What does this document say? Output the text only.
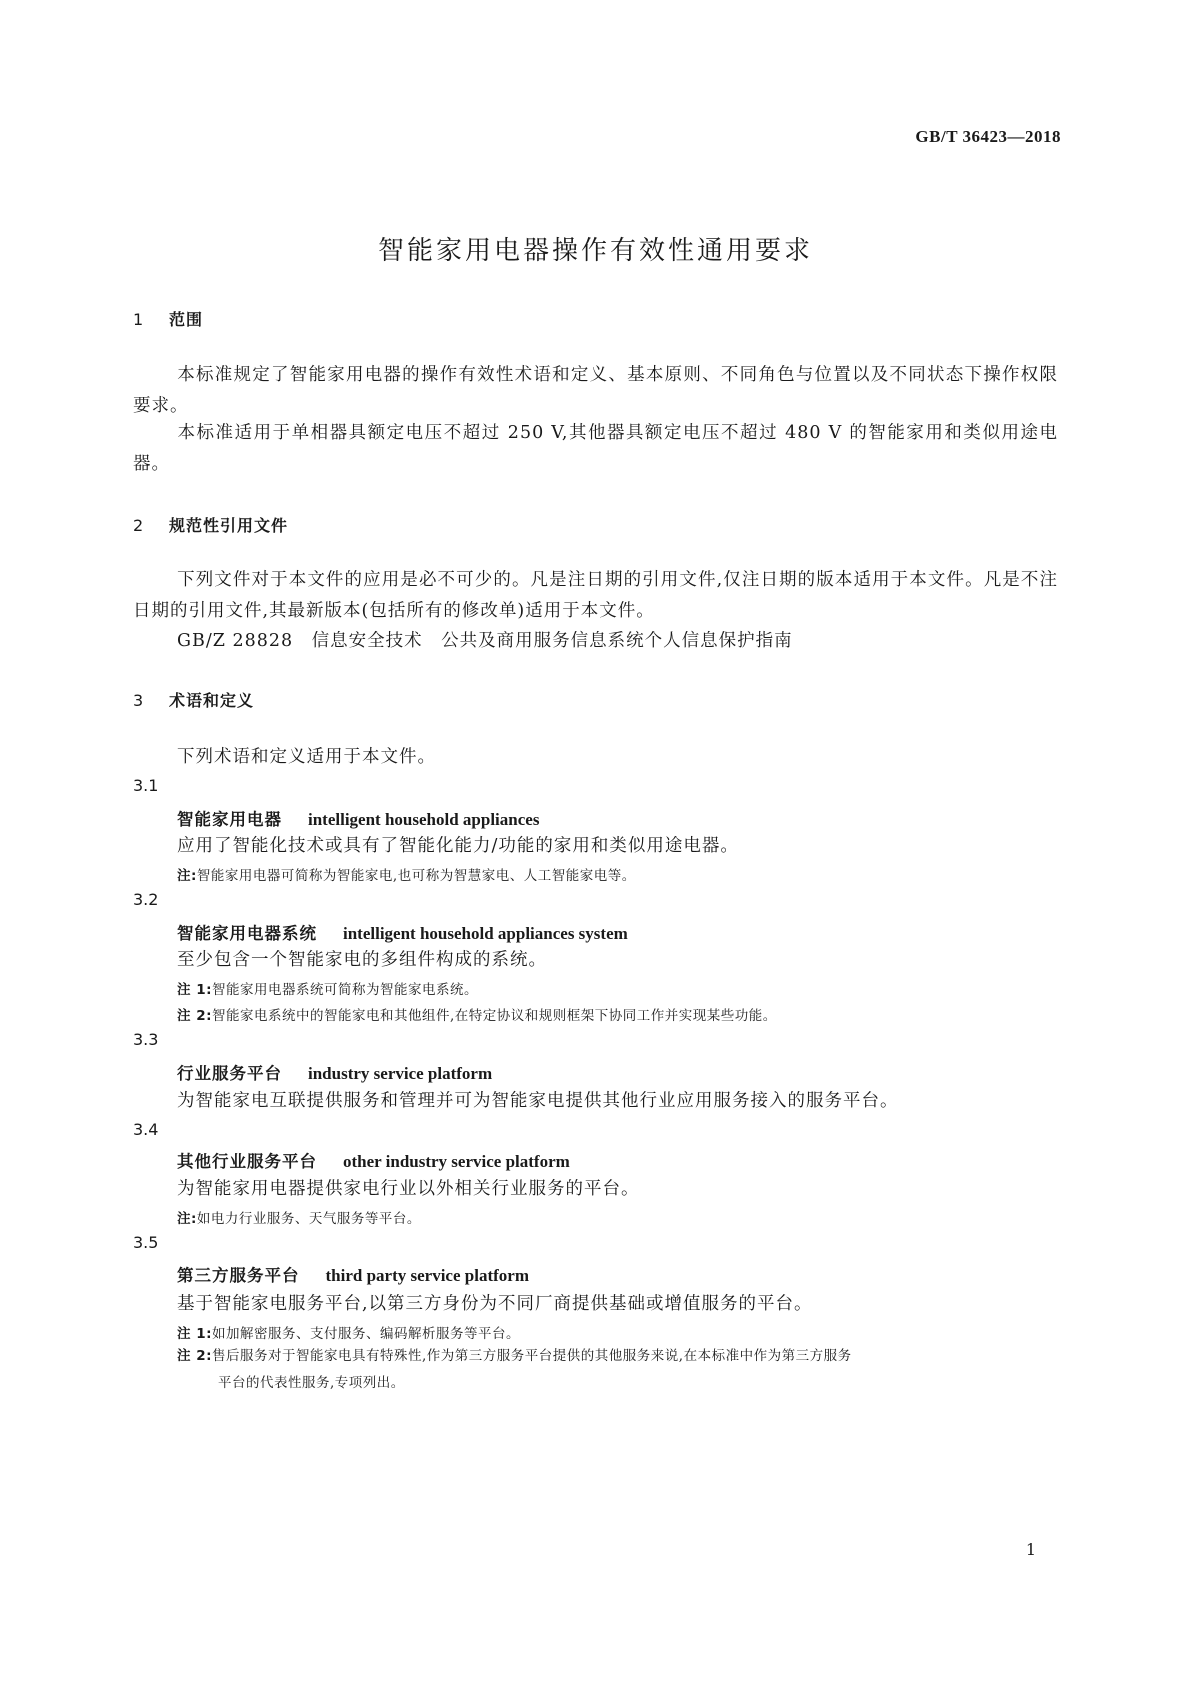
GB/T 36423—2018
智能家用电器操作有效性通用要求
1 范围
本标准规定了智能家用电器的操作有效性术语和定义、基本原则、不同角色与位置以及不同状态下操作权限要求。
本标准适用于单相器具额定电压不超过 250 V,其他器具额定电压不超过 480 V 的智能家用和类似用途电器。
2 规范性引用文件
下列文件对于本文件的应用是必不可少的。凡是注日期的引用文件,仅注日期的版本适用于本文件。凡是不注日期的引用文件,其最新版本(包括所有的修改单)适用于本文件。
GB/Z 28828　信息安全技术　公共及商用服务信息系统个人信息保护指南
3 术语和定义
下列术语和定义适用于本文件。
3.1
智能家用电器 intelligent household appliances
应用了智能化技术或具有了智能化能力/功能的家用和类似用途电器。
注:智能家用电器可简称为智能家电,也可称为智慧家电、人工智能家电等。
3.2
智能家用电器系统 intelligent household appliances system
至少包含一个智能家电的多组件构成的系统。
注 1:智能家用电器系统可简称为智能家电系统。
注 2:智能家电系统中的智能家电和其他组件,在特定协议和规则框架下协同工作并实现某些功能。
3.3
行业服务平台 industry service platform
为智能家电互联提供服务和管理并可为智能家电提供其他行业应用服务接入的服务平台。
3.4
其他行业服务平台 other industry service platform
为智能家用电器提供家电行业以外相关行业服务的平台。
注:如电力行业服务、天气服务等平台。
3.5
第三方服务平台 third party service platform
基于智能家电服务平台,以第三方身份为不同厂商提供基础或增值服务的平台。
注 1:如加解密服务、支付服务、编码解析服务等平台。
注 2:售后服务对于智能家电具有特殊性,作为第三方服务平台提供的其他服务来说,在本标准中作为第三方服务
平台的代表性服务,专项列出。
1
